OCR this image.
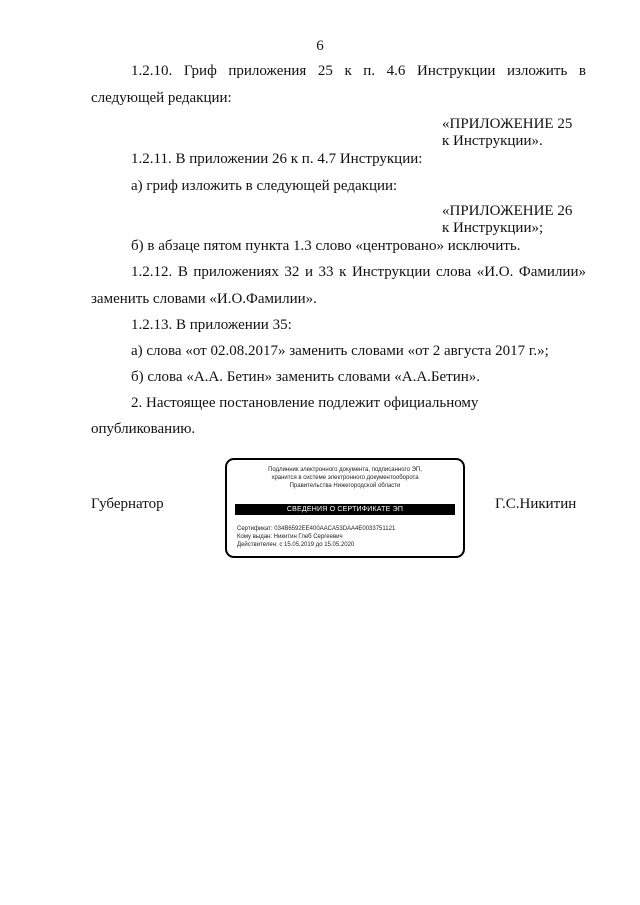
6
1.2.10. Гриф приложения 25 к п. 4.6 Инструкции изложить в
следующей редакции:
«ПРИЛОЖЕНИЕ 25
к Инструкции».
1.2.11. В приложении 26 к п. 4.7 Инструкции:
а) гриф изложить в следующей редакции:
«ПРИЛОЖЕНИЕ 26
к Инструкции»;
б) в абзаце пятом пункта 1.3 слово «центровано» исключить.
1.2.12. В приложениях 32 и 33 к Инструкции слова «И.О. Фамилии»
заменить словами «И.О.Фамилии».
1.2.13. В приложении 35:
а) слова «от 02.08.2017» заменить словами «от 2 августа 2017 г.»;
б) слова «А.А. Бетин» заменить словами «А.А.Бетин».
2. Настоящее постановление подлежит официальному
опубликованию.
Губернатор	Г.С.Никитин
Подлинник электронного документа, подписанного ЭП,
хранится в системе электронного документооборота
Правительства Нижегородской области
СВЕДЕНИЯ О СЕРТИФИКАТЕ ЭП
Сертификат: 034B6592EE400AACA53DAA4E0033751121
Кому выдан: Никитин Глеб Сергеевич
Действителен: с 15.05.2019 до 15.05.2020
